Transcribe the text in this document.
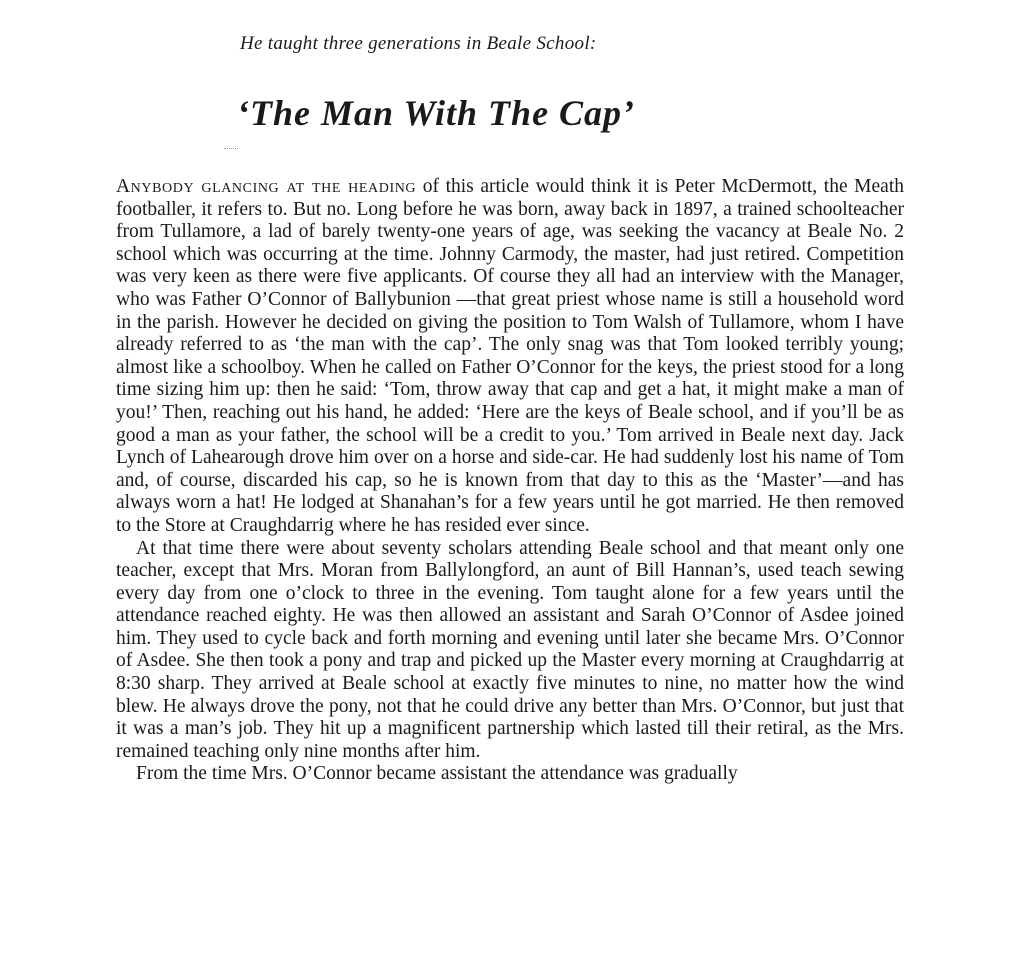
He taught three generations in Beale School:
‘The Man With The Cap’

Anybody glancing at the heading of this article would think it is Peter McDermott, the Meath footballer, it refers to. But no. Long before he was born, away back in 1897, a trained schoolteacher from Tullamore, a lad of barely twenty-one years of age, was seeking the vacancy at Beale No. 2 school which was occurring at the time. Johnny Carmody, the master, had just retired. Competition was very keen as there were five applicants. Of course they all had an interview with the Manager, who was Father O’Connor of Ballybunion —that great priest whose name is still a household word in the parish. However he decided on giving the position to Tom Walsh of Tullamore, whom I have already referred to as ‘the man with the cap’. The only snag was that Tom looked terribly young; almost like a schoolboy. When he called on Father O’Connor for the keys, the priest stood for a long time sizing him up: then he said: ‘Tom, throw away that cap and get a hat, it might make a man of you!’ Then, reaching out his hand, he added: ‘Here are the keys of Beale school, and if you’ll be as good a man as your father, the school will be a credit to you.’ Tom arrived in Beale next day. Jack Lynch of Lahearough drove him over on a horse and side-car. He had suddenly lost his name of Tom and, of course, discarded his cap, so he is known from that day to this as the ‘Master’—and has always worn a hat! He lodged at Shanahan’s for a few years until he got married. He then removed to the Store at Craughdarrig where he has resided ever since.

At that time there were about seventy scholars attending Beale school and that meant only one teacher, except that Mrs. Moran from Ballylongford, an aunt of Bill Hannan’s, used teach sewing every day from one o’clock to three in the evening. Tom taught alone for a few years until the attendance reached eighty. He was then allowed an assistant and Sarah O’Connor of Asdee joined him. They used to cycle back and forth morning and evening until later she became Mrs. O’Connor of Asdee. She then took a pony and trap and picked up the Master every morning at Craughdarrig at 8:30 sharp. They arrived at Beale school at exactly five minutes to nine, no matter how the wind blew. He always drove the pony, not that he could drive any better than Mrs. O’Connor, but just that it was a man’s job. They hit up a magnificent partnership which lasted till their retiral, as the Mrs. remained teaching only nine months after him.

From the time Mrs. O’Connor became assistant the attendance was gradually
